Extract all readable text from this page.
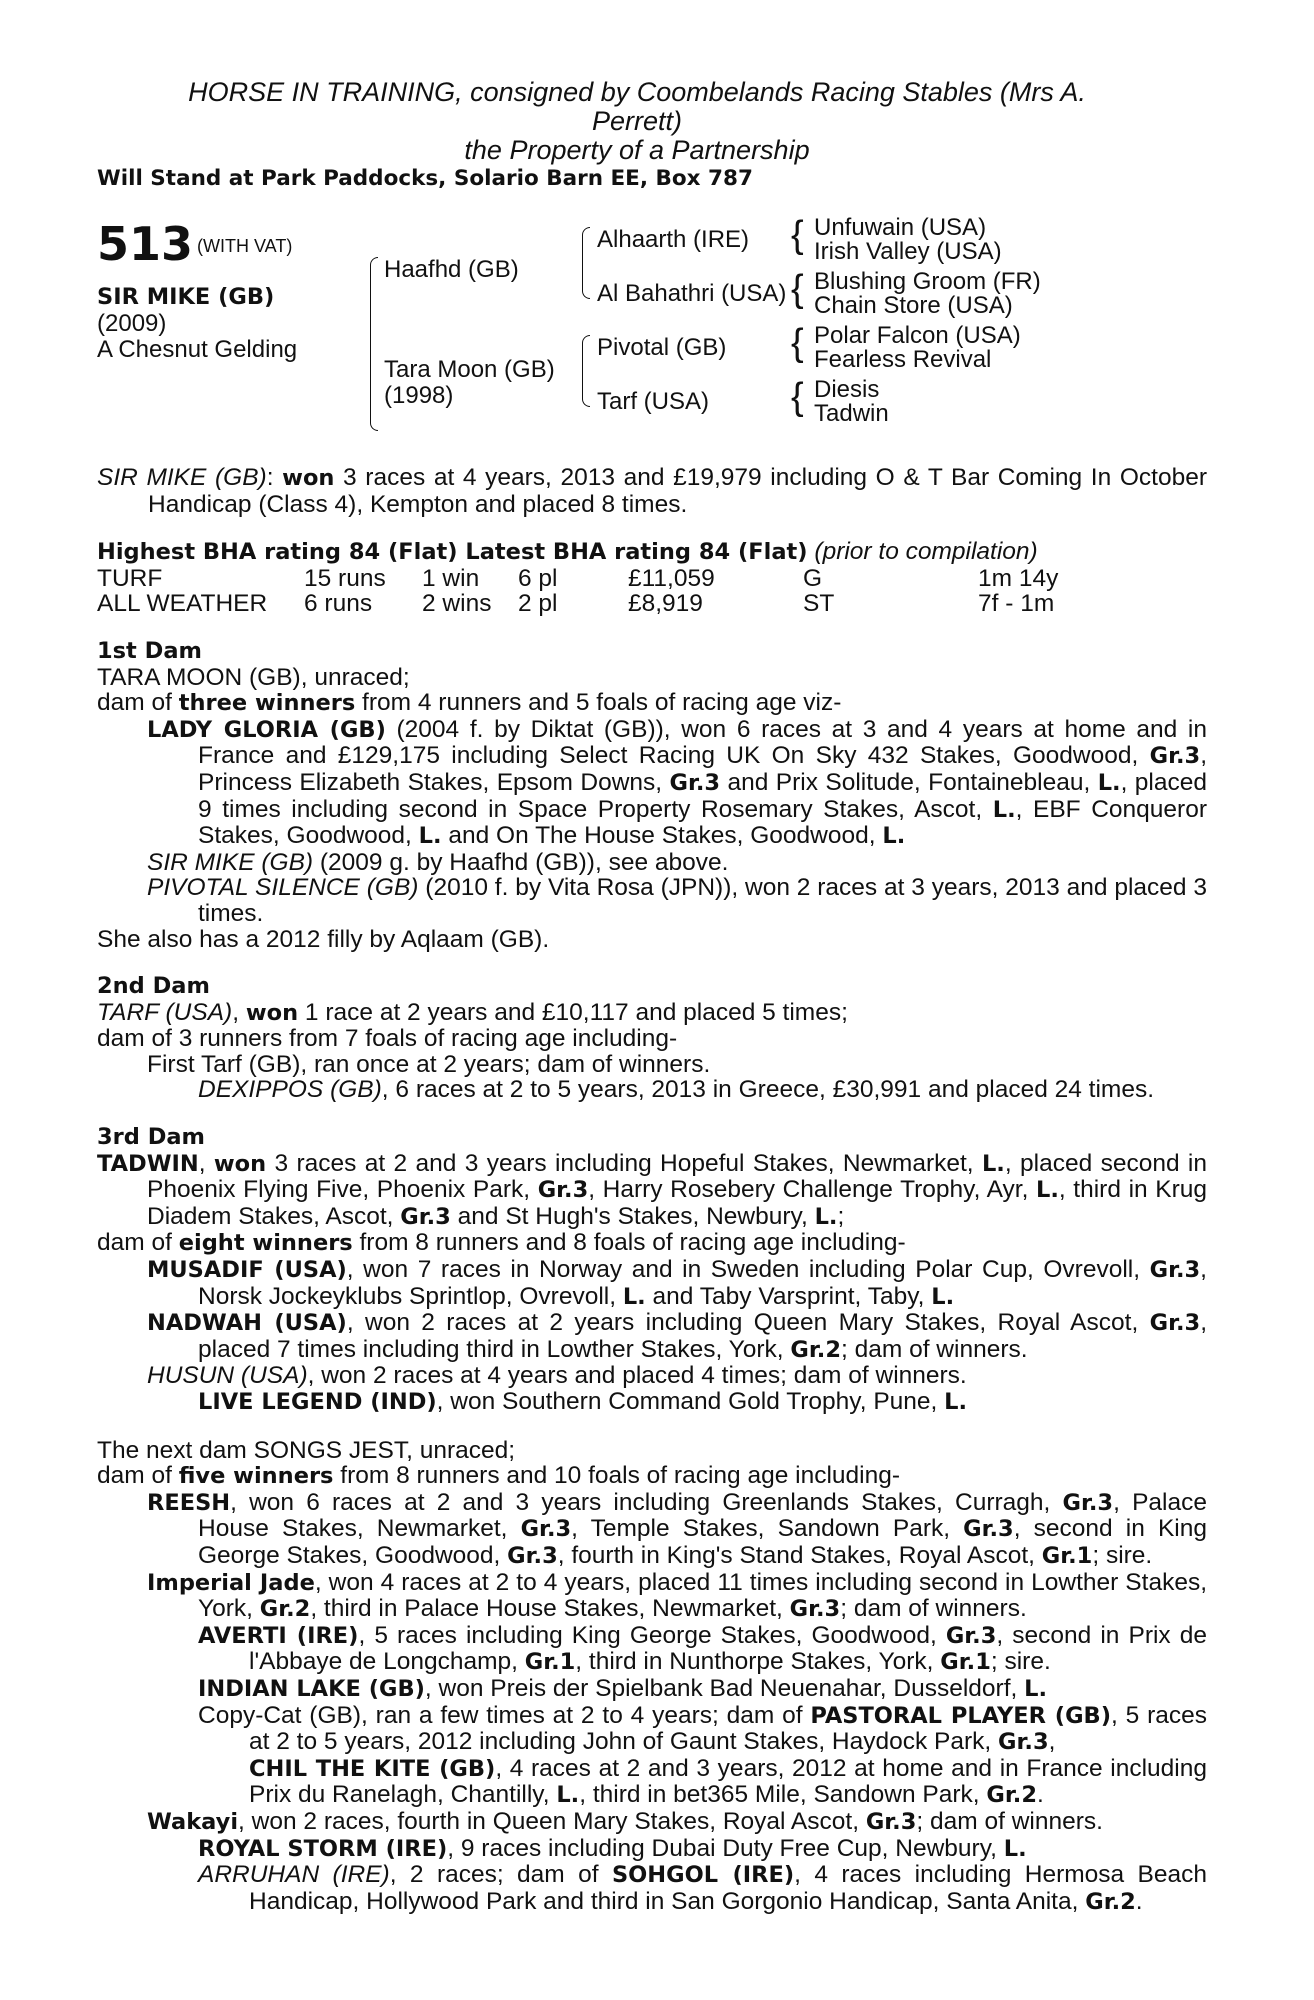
HORSE IN TRAINING, consigned by Coombelands Racing Stables (Mrs A.
Perrett)
the Property of a Partnership
Will Stand at Park Paddocks, Solario Barn EE, Box 787
513 $^{(WITH VAT)}$
SIR MIKE (GB)
(2009)
A Chesnut Gelding
Haafhd (GB)
Tara Moon (GB)
(1998)
Alhaarth (IRE)
Al Bahathri (USA)
Pivotal (GB)
Tarf (USA)
{ Unfuwain (USA)
Irish Valley (USA)
{ Blushing Groom (FR)
Chain Store (USA)
{ Polar Falcon (USA)
Fearless Revival
{ Diesis
Tadwin
SIR MIKE (GB): won 3 races at 4 years, 2013 and £19,979 including O & T Bar Coming In October Handicap (Class 4), Kempton and placed 8 times.
Highest BHA rating 84 (Flat) Latest BHA rating 84 (Flat) (prior to compilation)
TURF	15 runs	1 win	6 pl	£11,059	G	1m 14y
ALL WEATHER	6 runs	2 wins	2 pl	£8,919	ST	7f - 1m
1st Dam
TARA MOON (GB), unraced;
dam of three winners from 4 runners and 5 foals of racing age viz-
LADY GLORIA (GB) (2004 f. by Diktat (GB)), won 6 races at 3 and 4 years at home and in France and £129,175 including Select Racing UK On Sky 432 Stakes, Goodwood, Gr.3, Princess Elizabeth Stakes, Epsom Downs, Gr.3 and Prix Solitude, Fontainebleau, L., placed 9 times including second in Space Property Rosemary Stakes, Ascot, L., EBF Conqueror Stakes, Goodwood, L. and On The House Stakes, Goodwood, L.
SIR MIKE (GB) (2009 g. by Haafhd (GB)), see above.
PIVOTAL SILENCE (GB) (2010 f. by Vita Rosa (JPN)), won 2 races at 3 years, 2013 and placed 3 times.
She also has a 2012 filly by Aqlaam (GB).
2nd Dam
TARF (USA), won 1 race at 2 years and £10,117 and placed 5 times;
dam of 3 runners from 7 foals of racing age including-
First Tarf (GB), ran once at 2 years; dam of winners.
DEXIPPOS (GB), 6 races at 2 to 5 years, 2013 in Greece, £30,991 and placed 24 times.
3rd Dam
TADWIN, won 3 races at 2 and 3 years including Hopeful Stakes, Newmarket, L., placed second in Phoenix Flying Five, Phoenix Park, Gr.3, Harry Rosebery Challenge Trophy, Ayr, L., third in Krug Diadem Stakes, Ascot, Gr.3 and St Hugh's Stakes, Newbury, L.;
dam of eight winners from 8 runners and 8 foals of racing age including-
MUSADIF (USA), won 7 races in Norway and in Sweden including Polar Cup, Ovrevoll, Gr.3, Norsk Jockeyklubs Sprintlop, Ovrevoll, L. and Taby Varsprint, Taby, L.
NADWAH (USA), won 2 races at 2 years including Queen Mary Stakes, Royal Ascot, Gr.3, placed 7 times including third in Lowther Stakes, York, Gr.2; dam of winners.
HUSUN (USA), won 2 races at 4 years and placed 4 times; dam of winners.
LIVE LEGEND (IND), won Southern Command Gold Trophy, Pune, L.
The next dam SONGS JEST, unraced;
dam of five winners from 8 runners and 10 foals of racing age including-
REESH, won 6 races at 2 and 3 years including Greenlands Stakes, Curragh, Gr.3, Palace House Stakes, Newmarket, Gr.3, Temple Stakes, Sandown Park, Gr.3, second in King George Stakes, Goodwood, Gr.3, fourth in King's Stand Stakes, Royal Ascot, Gr.1; sire.
Imperial Jade, won 4 races at 2 to 4 years, placed 11 times including second in Lowther Stakes, York, Gr.2, third in Palace House Stakes, Newmarket, Gr.3; dam of winners.
AVERTI (IRE), 5 races including King George Stakes, Goodwood, Gr.3, second in Prix de l'Abbaye de Longchamp, Gr.1, third in Nunthorpe Stakes, York, Gr.1; sire.
INDIAN LAKE (GB), won Preis der Spielbank Bad Neuenahar, Dusseldorf, L.
Copy-Cat (GB), ran a few times at 2 to 4 years; dam of PASTORAL PLAYER (GB), 5 races at 2 to 5 years, 2012 including John of Gaunt Stakes, Haydock Park, Gr.3,
CHIL THE KITE (GB), 4 races at 2 and 3 years, 2012 at home and in France including Prix du Ranelagh, Chantilly, L., third in bet365 Mile, Sandown Park, Gr.2.
Wakayi, won 2 races, fourth in Queen Mary Stakes, Royal Ascot, Gr.3; dam of winners.
ROYAL STORM (IRE), 9 races including Dubai Duty Free Cup, Newbury, L.
ARRUHAN (IRE), 2 races; dam of SOHGOL (IRE), 4 races including Hermosa Beach Handicap, Hollywood Park and third in San Gorgonio Handicap, Santa Anita, Gr.2.
